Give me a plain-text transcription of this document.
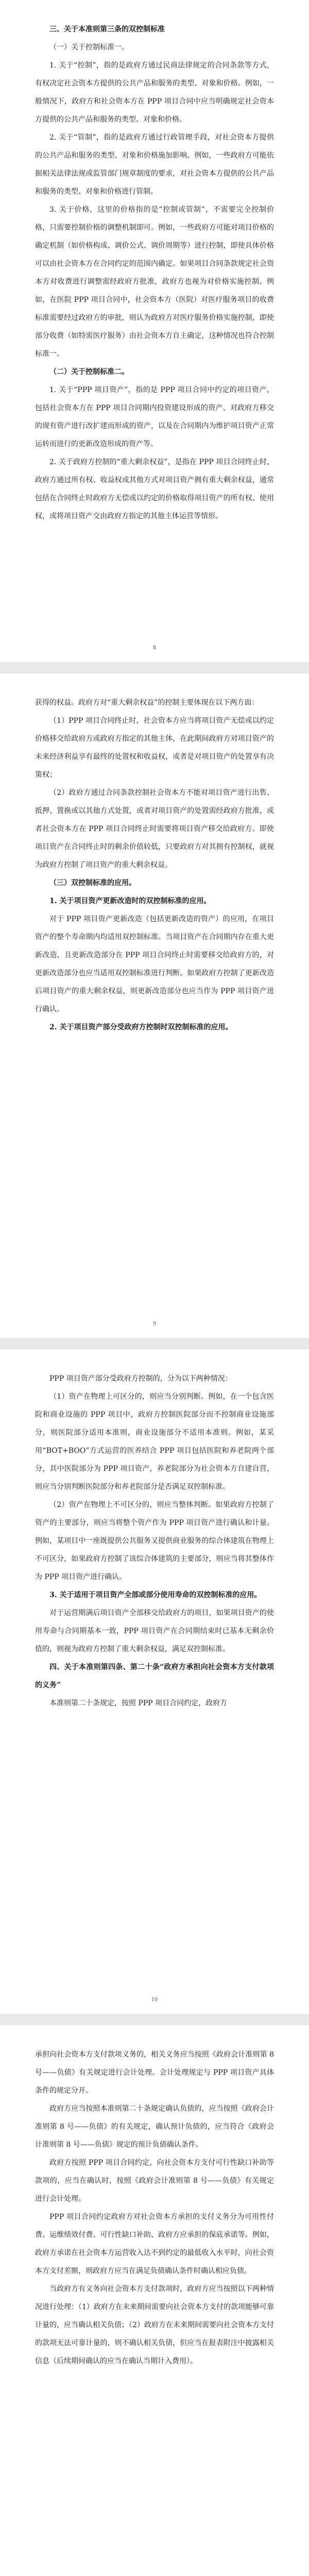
三、关于本准则第三条的双控制标准

（一）关于控制标准一。

1. 关于“控制”，指的是政府方通过民商法律规定的合同条款等方式，有权决定社会资本方提供的公共产品和服务的类型、对象和价格。例如，一般情况下，政府方和社会资本方在 PPP 项目合同中应当明确规定社会资本方提供的公共产品和服务的类型、对象和价格。

2. 关于“管制”，指的是政府方通过行政管理手段，对社会资本方提供的公共产品和服务的类型、对象和价格施加影响。例如，一些政府方可能依据相关法律法规或监管部门规章制度的要求，对社会资本方提供的公共产品和服务的类型、对象和价格进行管制。

3. 关于价格，这里的价格指的是“控制或管制”，不需要完全控制价格，只需要控制价格的调整机制即可。例如，一些政府方可能对项目价格的确定机制（如价格构成、调价公式、调价周期等）进行控制，即使具体价格可以由社会资本方在合同约定的范围内确定。如果项目合同条款规定社会资本方对收费进行调整需经政府方批准，政府方也视为对价格实施控制。例如，在医院 PPP 项目合同中，社会资本方（医院）对医疗服务项目的收费标准需要经过政府方的审批，则认为政府方对医疗服务价格实施控制，即使部分收费（如特需医疗服务）由社会资本方自主确定，这种情况也符合控制标准一。

（二）关于控制标准二。

1. 关于“PPP 项目资产”，指的是 PPP 项目合同中约定的项目资产，包括社会资本方在 PPP 项目合同期内投资建设形成的资产、对政府方移交的现有资产进行改扩建而形成的资产，以及在合同期内为维护项目资产正常运转而进行的更新改造形成的资产等。

2. 关于政府方控制的“重大剩余权益”，是指在 PPP 项目合同终止时，政府方通过所有权、收益权或其他方式对项目资产拥有重大剩余权益，通常包括在合同终止时政府方无偿或以约定的价格取得项目资产的所有权、使用权，或将项目资产交由政府方指定的其他主体运营等情形。

8

获得的权益。政府方对“重大剩余权益”的控制主要体现在以下两方面：

（1）PPP 项目合同终止时，社会资本方应当将项目资产无偿或以约定价格移交给政府方或政府方指定的其他主体，在此期间政府方对项目资产的未来经济利益享有最终的处置权和收益权，或者是对项目资产的处置享有决策权；

（2）政府方通过合同条款控制社会资本方不能对项目资产进行出售、抵押、置换或以其他方式处置，或者对项目资产的处置需经政府方批准，或者社会资本方在 PPP 项目合同终止时需要将项目资产移交给政府方。即使项目资产在合同终止时的剩余价值较低，只要政府方对其拥有控制权，就视为政府方控制了项目资产的重大剩余权益。

（三）双控制标准的应用。

1. 关于项目资产更新改造时的双控制标准的应用。

对于 PPP 项目资产更新改造（包括更新改造的资产）的应用，在项目资产的整个寿命期内均适用双控制标准。当项目资产在合同期内存在重大更新改造，且更新改造部分在 PPP 项目合同终止时需要移交给政府方的，对更新改造部分也应当适用双控制标准进行判断。如果政府方控制了更新改造后项目资产的重大剩余权益，则更新改造部分也应当作为 PPP 项目资产进行确认。

2. 关于项目资产部分受政府方控制时双控制标准的应用。

9

PPP 项目资产部分受政府方控制的，分为以下两种情况：

（1）资产在物理上可区分的，则应当分别判断。例如，在一个包含医院和商业设施的 PPP 项目中，政府方控制医院部分而不控制商业设施部分，则医院部分适用本准则，商业设施部分不适用本准则。例如，某采用“BOT+BOO”方式运营的医养结合 PPP 项目包括医院和养老院两个部分，其中医院部分为 PPP 项目资产，养老院部分为社会资本方自建自营，则应当分别判断医院部分和养老院部分是否满足双控制标准。

（2）资产在物理上不可区分的，则应当整体判断。如果政府方控制了资产的主要部分，则应当将整个资产作为 PPP 项目资产进行确认和计量。例如，某项目中一座既提供公共服务又提供商业服务的综合体建筑在物理上不可区分，如果政府方控制了该综合体建筑的主要部分，则应当将其整体作为 PPP 项目资产进行确认。

3. 关于适用于项目资产全部或部分使用寿命的双控制标准的应用。

对于运营期满后项目资产全部移交给政府方的项目，如果项目资产的使用寿命与合同期基本一致，PPP 项目资产在合同期结束时已基本无剩余价值的，则视为政府方控制了重大剩余权益，满足双控制标准。

四、关于本准则第四条、第二十条“政府方承担向社会资本方支付款项的义务”

本准则第二十条规定，按照 PPP 项目合同约定，政府方

10

承担向社会资本方支付款项义务的，相关义务应当按照《政府会计准则第 8 号——负债》有关规定进行会计处理。会计处理规定与 PPP 项目资产具体条件的规定分开。

政府方应当按照本准则第二十条规定确认负债的，应当按照《政府会计准则第 8 号——负债》的有关规定，确认预计负债的，应当符合《政府会计准则第 8 号——负债》规定的预计负债确认条件。

政府方按照 PPP 项目合同约定，向社会资本方支付可行性缺口补助等款项的，应当在确认时，按照《政府会计准则第 8 号——负债》有关规定进行会计处理。

PPP 项目合同约定政府方对社会资本方承担的支付义务分为可用性付费、运维绩效付费、可行性缺口补助、政府方应承担的保底承诺等。例如，政府方承诺在社会资本方运营收入达不到约定的最低收入水平时，向社会资本方支付差额，则政府方应当在满足负债确认条件时确认相应负债。

当政府方有义务向社会资本方支付款项时，政府方应当按照以下两种情况进行处理：（1）政府方在未来期间需要向社会资本方支付的款项能够可靠计量的，应当确认相关负债；（2）政府方在未来期间需要向社会资本方支付的款项无法可靠计量的，则不确认相关负债，但应当在报表附注中披露相关信息（后续期间确认的应当在确认当期计入费用）。
